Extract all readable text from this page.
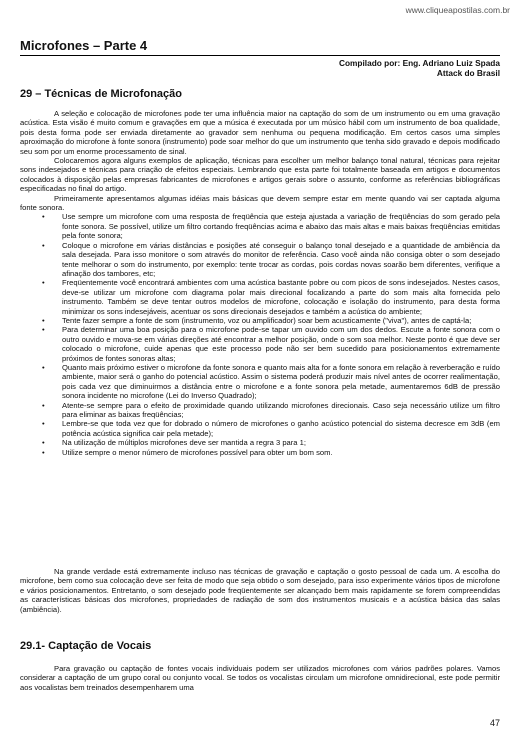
www.cliqueapostilas.com.br
Microfones – Parte 4
Compilado por: Eng. Adriano Luiz Spada
Attack do Brasil
29 – Técnicas de Microfonação

A seleção e colocação de microfones pode ter uma influência maior na captação do som de um instrumento ou em uma gravação acústica. Esta visão é muito comum e gravações em que a música é executada por um músico hábil com um instrumento de boa qualidade, pois desta forma pode ser enviada diretamente ao gravador sem nenhuma ou pequena modificação. Em certos casos uma simples aproximação do microfone à fonte sonora (instrumento) pode soar melhor do que um instrumento que tenha sido gravado e depois modificado seu som por um enorme processamento de sinal.

Colocaremos agora alguns exemplos de aplicação, técnicas para escolher um melhor balanço tonal natural, técnicas para rejeitar sons indesejados e técnicas para criação de efeitos especiais. Lembrando que esta parte foi totalmente baseada em artigos e documentos colocados à disposição pelas empresas fabricantes de microfones e artigos gerais sobre o assunto, conforme as referências bibliográficas especificadas no final do artigo.

Primeiramente apresentamos algumas idéias mais básicas que devem sempre estar em mente quando vai ser captada alguma fonte sonora.

• Use sempre um microfone com uma resposta de freqüência que esteja ajustada a variação de freqüências do som gerado pela fonte sonora. Se possível, utilize um filtro cortando freqüências acima e abaixo das mais altas e mais baixas freqüências emitidas pela fonte sonora;
• Coloque o microfone em várias distâncias e posições até conseguir o balanço tonal desejado e a quantidade de ambiência da sala desejada. Para isso monitore o som através do monitor de referência. Caso você ainda não consiga obter o som desejado tente melhorar o som do instrumento, por exemplo: tente trocar as cordas, pois cordas novas soarão bem diferentes, verifique a afinação dos tambores, etc;
• Freqüentemente você encontrará ambientes com uma acústica bastante pobre ou com picos de sons indesejados. Nestes casos, deve-se utilizar um microfone com diagrama polar mais direcional focalizando a parte do som mais alta fornecida pelo instrumento. Também se deve tentar outros modelos de microfone, colocação e isolação do instrumento, para desta forma minimizar os sons indesejáveis, acentuar os sons direcionais desejados e também a acústica do ambiente;
• Tente fazer sempre a fonte de som (instrumento, voz ou amplificador) soar bem acusticamente ("viva"), antes de captá-la;
• Para determinar uma boa posição para o microfone pode-se tapar um ouvido com um dos dedos. Escute a fonte sonora com o outro ouvido e mova-se em várias direções até encontrar a melhor posição, onde o som soa melhor. Neste ponto é que deve ser colocado o microfone, cuide apenas que este processo pode não ser bem sucedido para posicionamentos extremamente próximos de fontes sonoras altas;
• Quanto mais próximo estiver o microfone da fonte sonora e quanto mais alta for a fonte sonora em relação à reverberação e ruído ambiente, maior será o ganho do potencial acústico. Assim o sistema poderá produzir mais nível antes de ocorrer realimentação, pois cada vez que diminuirmos a distância entre o microfone e a fonte sonora pela metade, aumentaremos 6dB de pressão sonora incidente no microfone (Lei do Inverso Quadrado);
• Atente-se sempre para o efeito de proximidade quando utilizando microfones direcionais. Caso seja necessário utilize um filtro para eliminar as baixas freqüências;
• Lembre-se que toda vez que for dobrado o número de microfones o ganho acústico potencial do sistema decresce em 3dB (em potência acústica significa cair pela metade);
• Na utilização de múltiplos microfones deve ser mantida a regra 3 para 1;
• Utilize sempre o menor número de microfones possível para obter um bom som.

Na grande verdade está extremamente incluso nas técnicas de gravação e captação o gosto pessoal de cada um. A escolha do microfone, bem como sua colocação deve ser feita de modo que seja obtido o som desejado, para isso experimente vários tipos de microfone e vários posicionamentos. Entretanto, o som desejado pode freqüentemente ser alcançado bem mais rapidamente se forem compreendidas as características básicas dos microfones, propriedades de radiação de som dos instrumentos musicais e a acústica básica das salas (ambiência).

29.1- Captação de Vocais

Para gravação ou captação de fontes vocais individuais podem ser utilizados microfones com vários padrões polares. Vamos considerar a captação de um grupo coral ou conjunto vocal. Se todos os vocalistas circulam um microfone omnidirecional, este pode permitir aos vocalistas bem treinados desempenharem uma

47
